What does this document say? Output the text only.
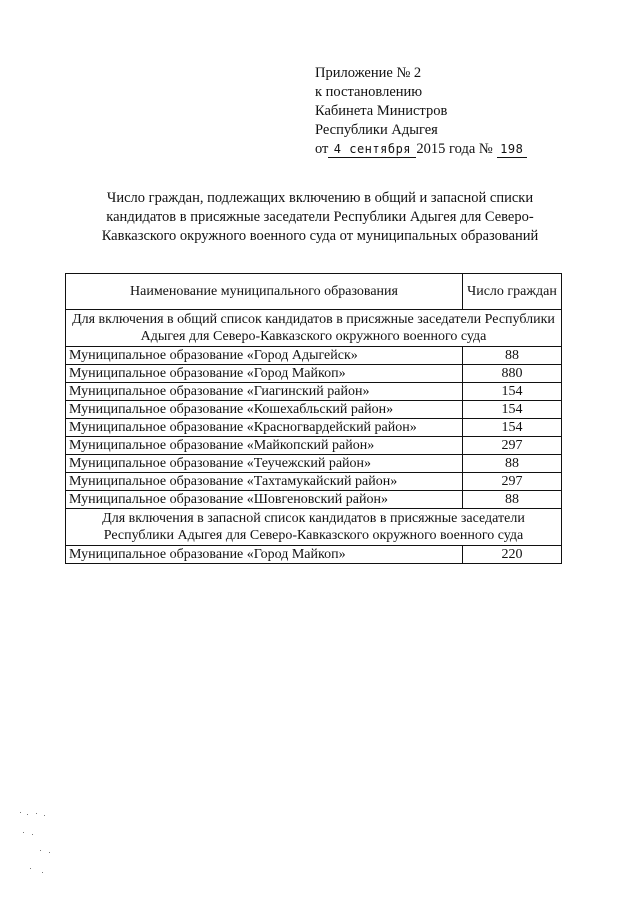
Приложение № 2
к постановлению
Кабинета Министров
Республики Адыгея
от 4 сентября 2015 года № 198
Число граждан, подлежащих включению в общий и запасной списки кандидатов в присяжные заседатели Республики Адыгея для Северо-Кавказского окружного военного суда от муниципальных образований
Наименование муниципального образования	Число граждан
Для включения в общий список кандидатов в присяжные заседатели Республики Адыгея для Северо-Кавказского окружного военного суда	
Муниципальное образование «Город Адыгейск»	88
Муниципальное образование «Город Майкоп»	880
Муниципальное образование «Гиагинский район»	154
Муниципальное образование «Кошехабльский район»	154
Муниципальное образование «Красногвардейский район»	154
Муниципальное образование «Майкопский район»	297
Муниципальное образование «Теучежский район»	88
Муниципальное образование «Тахтамукайский район»	297
Муниципальное образование «Шовгеновский район»	88
Для включения в запасной список кандидатов в присяжные заседатели Республики Адыгея для Северо-Кавказского окружного военного суда	
Муниципальное образование «Город Майкоп»	220
